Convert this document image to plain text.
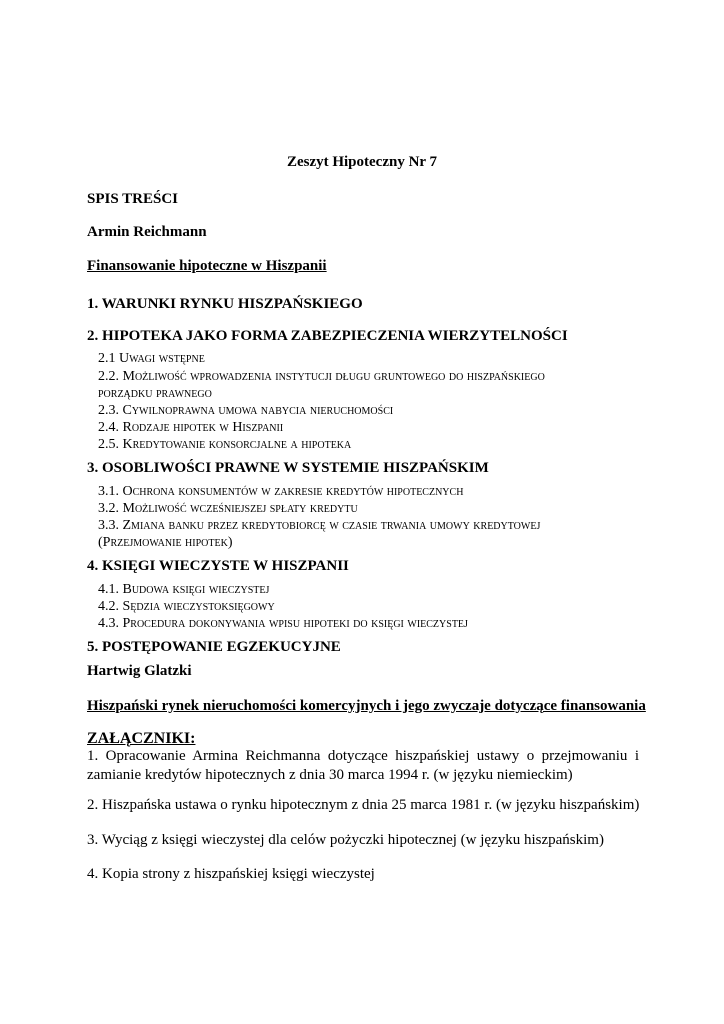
Zeszyt Hipoteczny Nr 7
SPIS TREŚCI
Armin Reichmann
Finansowanie hipoteczne w Hiszpanii
1. WARUNKI RYNKU HISZPAŃSKIEGO
2. HIPOTEKA JAKO FORMA ZABEZPIECZENIA WIERZYTELNOŚCI
2.1 Uwagi wstępne
2.2. Możliwość wprowadzenia instytucji długu gruntowego do hiszpańskiego
porządku prawnego
2.3. Cywilnoprawna umowa nabycia nieruchomości
2.4. Rodzaje hipotek w Hiszpanii
2.5. Kredytowanie konsorcjalne a hipoteka
3. OSOBLIWOŚCI PRAWNE W SYSTEMIE HISZPAŃSKIM
3.1. Ochrona konsumentów w zakresie kredytów hipotecznych
3.2. Możliwość wcześniejszej spłaty kredytu
3.3. Zmiana banku przez kredytobiorcę w czasie trwania umowy kredytowej
(Przejmowanie hipotek)
4. KSIĘGI WIECZYSTE W HISZPANII
4.1. Budowa księgi wieczystej
4.2. Sędzia wieczystoksięgowy
4.3. Procedura dokonywania wpisu hipoteki do księgi wieczystej
5. POSTĘPOWANIE EGZEKUCYJNE
Hartwig Glatzki
Hiszpański rynek nieruchomości komercyjnych i jego zwyczaje dotyczące finansowania
ZAŁĄCZNIKI:
1. Opracowanie Armina Reichmanna dotyczące hiszpańskiej ustawy o przejmowaniu i zamianie kredytów hipotecznych z dnia 30 marca 1994 r. (w języku niemieckim)
2. Hiszpańska ustawa o rynku hipotecznym z dnia 25 marca 1981 r. (w języku hiszpańskim)
3. Wyciąg z księgi wieczystej dla celów pożyczki hipotecznej (w języku hiszpańskim)
4. Kopia strony z hiszpańskiej księgi wieczystej
